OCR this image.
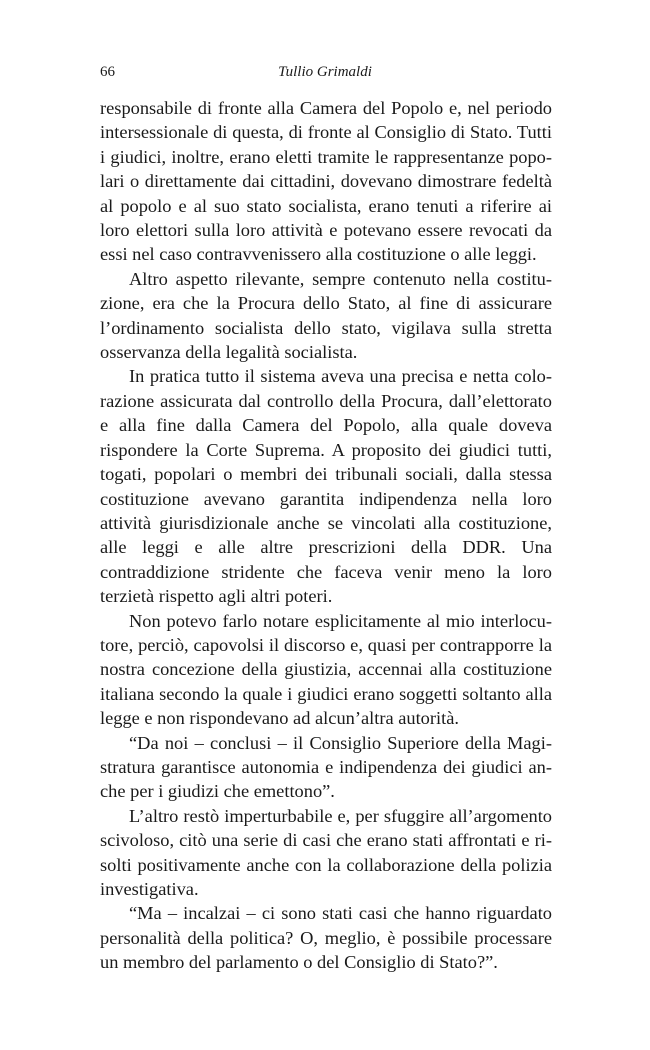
66	Tullio Grimaldi

responsabile di fronte alla Camera del Popolo e, nel periodo intersessionale di questa, di fronte al Consiglio di Stato. Tutti i giudici, inoltre, erano eletti tramite le rappresentanze popolari o direttamente dai cittadini, dovevano dimostrare fedeltà al popolo e al suo stato socialista, erano tenuti a riferire ai loro elettori sulla loro attività e potevano essere revocati da essi nel caso contravvenissero alla costituzione o alle leggi.

Altro aspetto rilevante, sempre contenuto nella costituzione, era che la Procura dello Stato, al fine di assicurare l’ordinamento socialista dello stato, vigilava sulla stretta osservanza della legalità socialista.

In pratica tutto il sistema aveva una precisa e netta colorazione assicurata dal controllo della Procura, dall’elettorato e alla fine dalla Camera del Popolo, alla quale doveva rispondere la Corte Suprema. A proposito dei giudici tutti, togati, popolari o membri dei tribunali sociali, dalla stessa costituzione avevano garantita indipendenza nella loro attività giurisdizionale anche se vincolati alla costituzione, alle leggi e alle altre prescrizioni della DDR. Una contraddizione stridente che faceva venir meno la loro terzietà rispetto agli altri poteri.

Non potevo farlo notare esplicitamente al mio interlocutore, perciò, capovolsi il discorso e, quasi per contrapporre la nostra concezione della giustizia, accennai alla costituzione italiana secondo la quale i giudici erano soggetti soltanto alla legge e non rispondevano ad alcun’altra autorità.

“Da noi – conclusi – il Consiglio Superiore della Magistratura garantisce autonomia e indipendenza dei giudici anche per i giudizi che emettono”.

L’altro restò imperturbabile e, per sfuggire all’argomento scivoloso, citò una serie di casi che erano stati affrontati e risolti positivamente anche con la collaborazione della polizia investigativa.

“Ma – incalzai – ci sono stati casi che hanno riguardato personalità della politica? O, meglio, è possibile processare un membro del parlamento o del Consiglio di Stato?”.
